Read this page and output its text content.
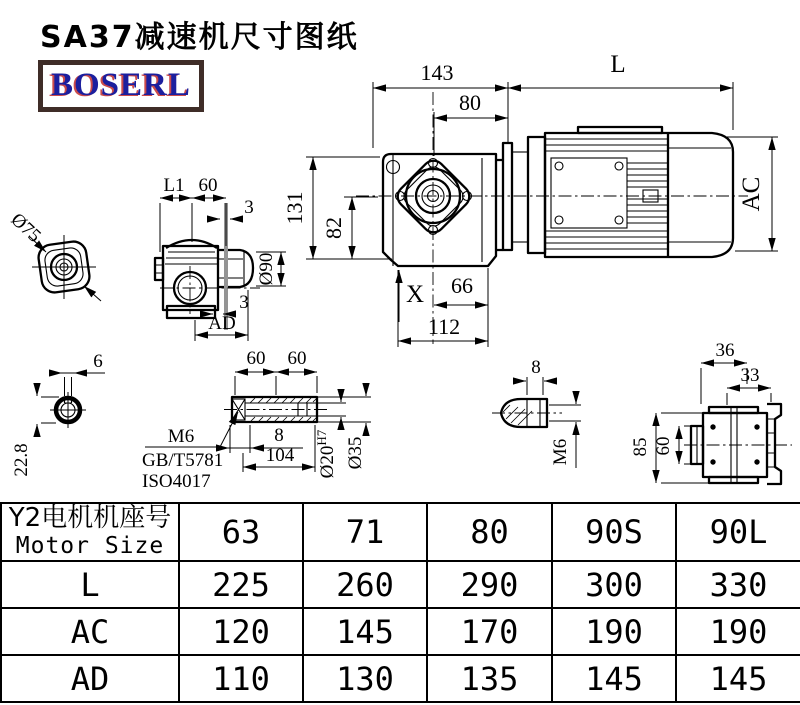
SA37减速机尺寸图纸
BOSERL
Ø75
L1 60
3
Ø90
3
AD
143	L
80
131
82
X 66
112
AC
6
22.8
60 60
8
104 $Ø20^{H7}$ Ø35
M6
GB/T5781
ISO4017
8
M6
36
33
85 60
Y2电机机座号
Motor Size	63	71	80	90S	90L
L	225	260	290	300	330
AC	120	145	170	190	190
AD	110	130	135	145	145
